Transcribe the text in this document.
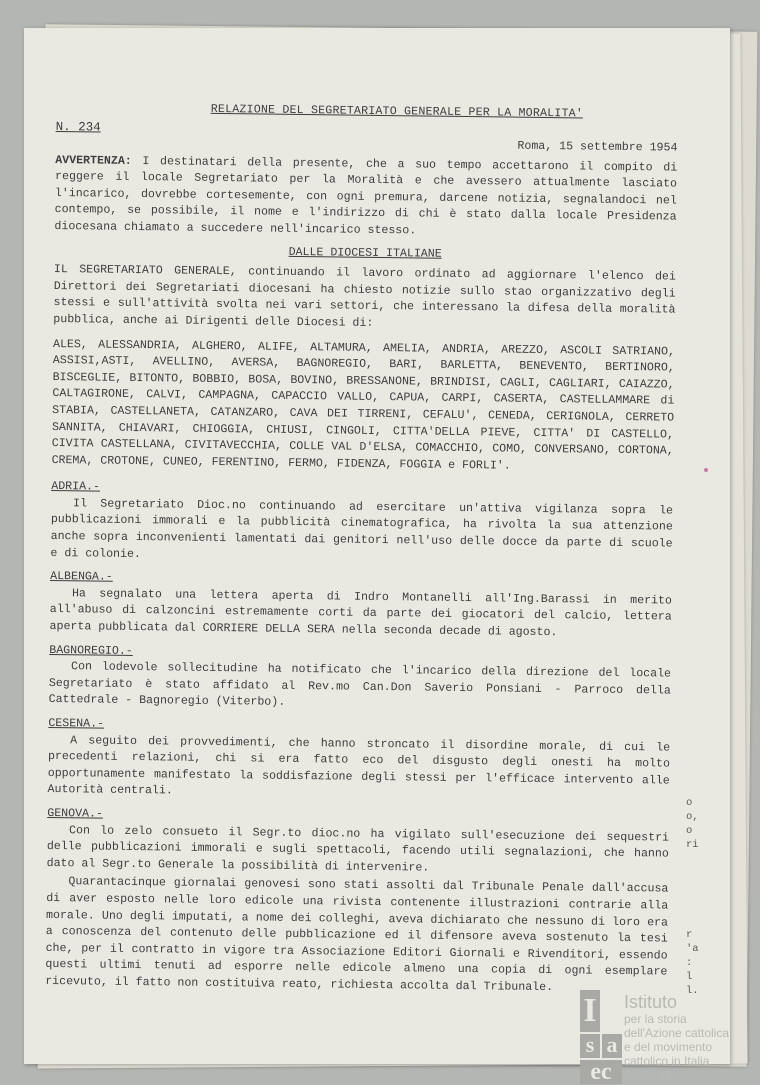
RELAZIONE DEL SEGRETARIATO GENERALE PER LA MORALITA'
N. 234
Roma, 15 settembre 1954

AVVERTENZA: I destinatari della presente, che a suo tempo accettarono il compito di reggere il locale Segretariato per la Moralità e che avessero attualmente lasciato l'incarico, dovrebbe cortesemente, con ogni premura, darcene notizia, segnalandoci nel contempo, se possibile, il nome e l'indirizzo di chi è stato dalla locale Presidenza diocesana chiamato a succedere nell'incarico stesso.

DALLE DIOCESI ITALIANE

IL SEGRETARIATO GENERALE, continuando il lavoro ordinato ad aggiornare l'elenco dei Direttori dei Segretariati diocesani ha chiesto notizie sullo stao organizzativo degli stessi e sull'attività svolta nei vari settori, che interessano la difesa della moralità pubblica, anche ai Dirigenti delle Diocesi di:

ALES, ALESSANDRIA, ALGHERO, ALIFE, ALTAMURA, AMELIA, ANDRIA, AREZZO, ASCOLI SATRIANO, ASSISI,ASTI, AVELLINO, AVERSA, BAGNOREGIO, BARI, BARLETTA, BENEVENTO, BERTINORO, BISCEGLIE, BITONTO, BOBBIO, BOSA, BOVINO, BRESSANONE, BRINDISI, CAGLI, CAGLIARI, CAIAZZO, CALTAGIRONE, CALVI, CAMPAGNA, CAPACCIO VALLO, CAPUA, CARPI, CASERTA, CASTELLAMMARE di STABIA, CASTELLANETA, CATANZARO, CAVA DEI TIRRENI, CEFALU', CENEDA, CERIGNOLA, CERRETO SANNITA, CHIAVARI, CHIOGGIA, CHIUSI, CINGOLI, CITTA'DELLA PIEVE, CITTA' DI CASTELLO, CIVITA CASTELLANA, CIVITAVECCHIA, COLLE VAL D'ELSA, COMACCHIO, COMO, CONVERSANO, CORTONA, CREMA, CROTONE, CUNEO, FERENTINO, FERMO, FIDENZA, FOGGIA e FORLI'.

ADRIA.-

Il Segretariato Dioc.no continuando ad esercitare un'attiva vigilanza sopra le pubblicazioni immorali e la pubblicità cinematografica, ha rivolta la sua attenzione anche sopra inconvenienti lamentati dai genitori nell'uso delle docce da parte di scuole e di colonie.

ALBENGA.-

Ha segnalato una lettera aperta di Indro Montanelli all'Ing.Barassi in merito all'abuso di calzoncini estremamente corti da parte dei giocatori del calcio, lettera aperta pubblicata dal CORRIERE DELLA SERA nella seconda decade di agosto.

BAGNOREGIO.-

Con lodevole sollecitudine ha notificato che l'incarico della direzione del locale Segretariato è stato affidato al Rev.mo Can.Don Saverio Ponsiani - Parroco della Cattedrale - Bagnoregio (Viterbo).

CESENA.-

A seguito dei provvedimenti, che hanno stroncato il disordine morale, di cui le precedenti relazioni, chi si era fatto eco del disgusto degli onesti ha molto opportunamente manifestato la soddisfazione degli stessi per l'efficace intervento alle Autorità centrali.

GENOVA.-

Con lo zelo consueto il Segr.to dioc.no ha vigilato sull'esecuzione dei sequestri delle pubblicazioni immorali e sugli spettacoli, facendo utili segnalazioni, che hanno dato al Segr.to Generale la possibilità di intervenire.

Quarantacinque giornalai genovesi sono stati assolti dal Tribunale Penale dall'accusa di aver esposto nelle loro edicole una rivista contenente illustrazioni contrarie alla morale. Uno degli imputati, a nome dei colleghi, aveva dichiarato che nessuno di loro era a conoscenza del contenuto delle pubblicazione ed il difensore aveva sostenuto la tesi che, per il contratto in vigore tra Associazione Editori Giornali e Rivenditori, essendo questi ultimi tenuti ad esporre nelle edicole almeno una copia di ogni esemplare ricevuto, il fatto non costituiva reato, richiesta accolta dal Tribunale.

o
o,
o
ri
r
'a
:
l
l.
I
s a
ec
Istituto
per la storia
dell'Azione cattolica
e del movimento
cattolico in Italia
Paolo VI
